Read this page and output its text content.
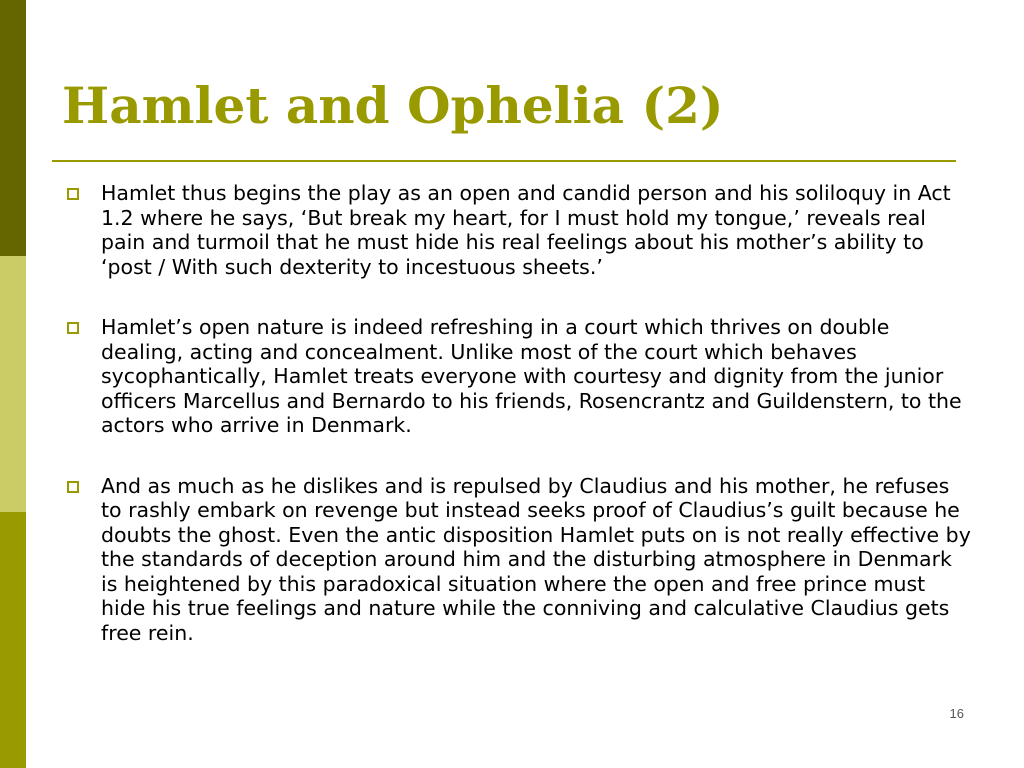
Hamlet and Ophelia (2)
Hamlet thus begins the play as an open and candid person and his soliloquy in Act 1.2 where he says, ‘But break my heart, for I must hold my tongue,’ reveals real pain and turmoil that he must hide his real feelings about his mother’s ability to ‘post / With such dexterity to incestuous sheets.’
Hamlet’s open nature is indeed refreshing in a court which thrives on double dealing, acting and concealment. Unlike most of the court which behaves sycophantically, Hamlet treats everyone with courtesy and dignity from the junior officers Marcellus and Bernardo to his friends, Rosencrantz and Guildenstern, to the actors who arrive in Denmark.
And as much as he dislikes and is repulsed by Claudius and his mother, he refuses to rashly embark on revenge but instead seeks proof of Claudius’s guilt because he doubts the ghost. Even the antic disposition Hamlet puts on is not really effective by the standards of deception around him and the disturbing atmosphere in Denmark is heightened by this paradoxical situation where the open and free prince must hide his true feelings and nature while the conniving and calculative Claudius gets free rein.
16
